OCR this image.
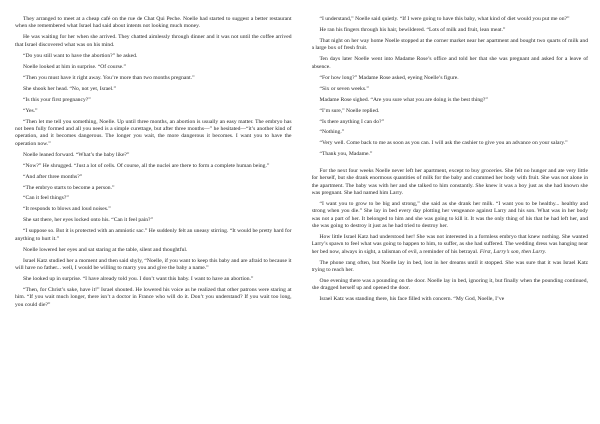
They arranged to meet at a cheap café on the rue de Chat Qui Peche. Noelle had started to suggest a better restaurant when she remembered what Israel had said about intents not looking much money.

He was waiting for her when she arrived. They chatted aimlessly through dinner and it was not until the coffee arrived that Israel discovered what was on his mind.

“Do you still want to have the abortion?” he asked.

Noelle looked at him in surprise. “Of course.”

“Then you must have it right away. You’re more than two months pregnant.”

She shook her head. “No, not yet, Israel.”

“Is this your first pregnancy?”

“Yes.”

“Then let me tell you something, Noelle. Up until three months, an abortion is usually an easy matter. The embryo has not been fully formed and all you need is a simple curettage, but after three months—” he hesitated—“it’s another kind of operation, and it becomes dangerous. The longer you wait, the more dangerous it becomes. I want you to have the operation now.”

Noelle leaned forward. “What’s the baby like?”

“Now?” He shrugged. “Just a lot of cells. Of course, all the nuclei are there to form a complete human being.”

“And after three months?”

“The embryo starts to become a person.”

“Can it feel things?”

“It responds to blows and loud noises.”

She sat there, her eyes locked onto his. “Can it feel pain?”

“I suppose so. But it is protected with an amniotic sac.” He suddenly felt an uneasy stirring. “It would be pretty hard for anything to hurt it.”

Noelle lowered her eyes and sat staring at the table, silent and thoughtful.

Israel Katz studied her a moment and then said shyly, “Noelle, if you want to keep this baby and are afraid to because it will have no father... well, I would be willing to marry you and give the baby a name.”

She looked up in surprise. “I have already told you. I don’t want this baby. I want to have an abortion.”

“Then, for Christ’s sake, have it!” Israel shouted. He lowered his voice as he realized that other patrons were staring at him. “If you wait much longer, there isn’t a doctor in France who will do it. Don’t you understand? If you wait too long, you could die?”

“I understand,” Noelle said quietly. “If I were going to have this baby, what kind of diet would you put me on?”

He ran his fingers through his hair, bewildered. “Lots of milk and fruit, lean meat.”

That night on her way home Noelle stopped at the corner market near her apartment and bought two quarts of milk and a large box of fresh fruit.

Ten days later Noelle went into Madame Rose’s office and told her that she was pregnant and asked for a leave of absence.

“For how long?” Madame Rose asked, eyeing Noelle’s figure.

“Six or seven weeks.”

Madame Rose sighed. “Are you sure what you are doing is the best thing?”

“I’m sure,” Noelle replied.

“Is there anything I can do?”

“Nothing.”

“Very well. Come back to me as soon as you can. I will ask the cashier to give you an advance on your salary.”

“Thank you, Madame.”

For the next four weeks Noelle never left her apartment, except to buy groceries. She felt no hunger and ate very little for herself, but she drank enormous quantities of milk for the baby and crammed her body with fruit. She was not alone in the apartment. The baby was with her and she talked to him constantly. She knew it was a boy just as she had known she was pregnant. She had named him Larry.

“I want you to grow to be big and strong,” she said as she drank her milk. “I want you to be healthy... healthy and strong when you die.” She lay in bed every day plotting her vengeance against Larry and his son. What was in her body was not a part of her. It belonged to him and she was going to kill it. It was the only thing of his that he had left her, and she was going to destroy it just as he had tried to destroy her.

How little Israel Katz had understood her! She was not interested in a formless embryo that knew nothing. She wanted Larry’s spawn to feel what was going to happen to him, to suffer, as she had suffered. The wedding dress was hanging near her bed now, always in sight, a talisman of evil, a reminder of his betrayal. First, Larry’s son, then Larry.

The phone rang often, but Noelle lay in bed, lost in her dreams until it stopped. She was sure that it was Israel Katz trying to reach her.

One evening there was a pounding on the door. Noelle lay in bed, ignoring it, but finally when the pounding continued, she dragged herself up and opened the door.

Israel Katz was standing there, his face filled with concern. “My God, Noelle, I’ve
